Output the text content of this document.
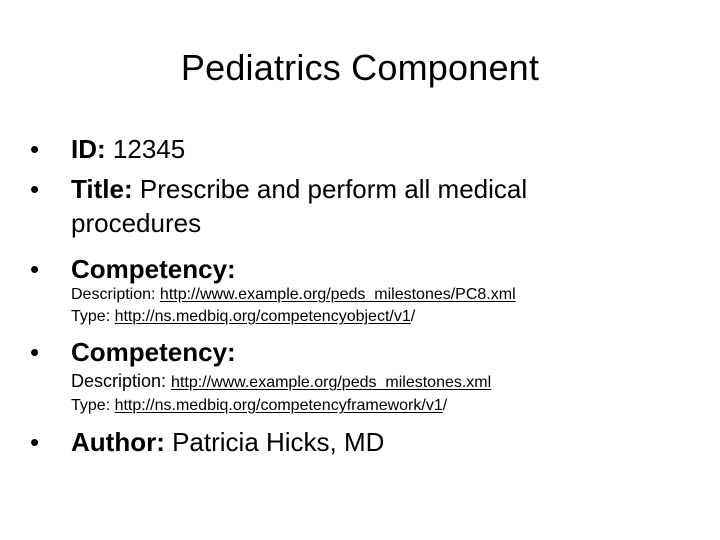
Pediatrics Component
• ID: 12345
• Title: Prescribe and perform all medical
procedures
• Competency:
Description: http://www.example.org/peds_milestones/PC8.xml
Type: http://ns.medbiq.org/competencyobject/v1/
• Competency:
Description: http://www.example.org/peds_milestones.xml
Type: http://ns.medbiq.org/competencyframework/v1/
• Author: Patricia Hicks, MD
